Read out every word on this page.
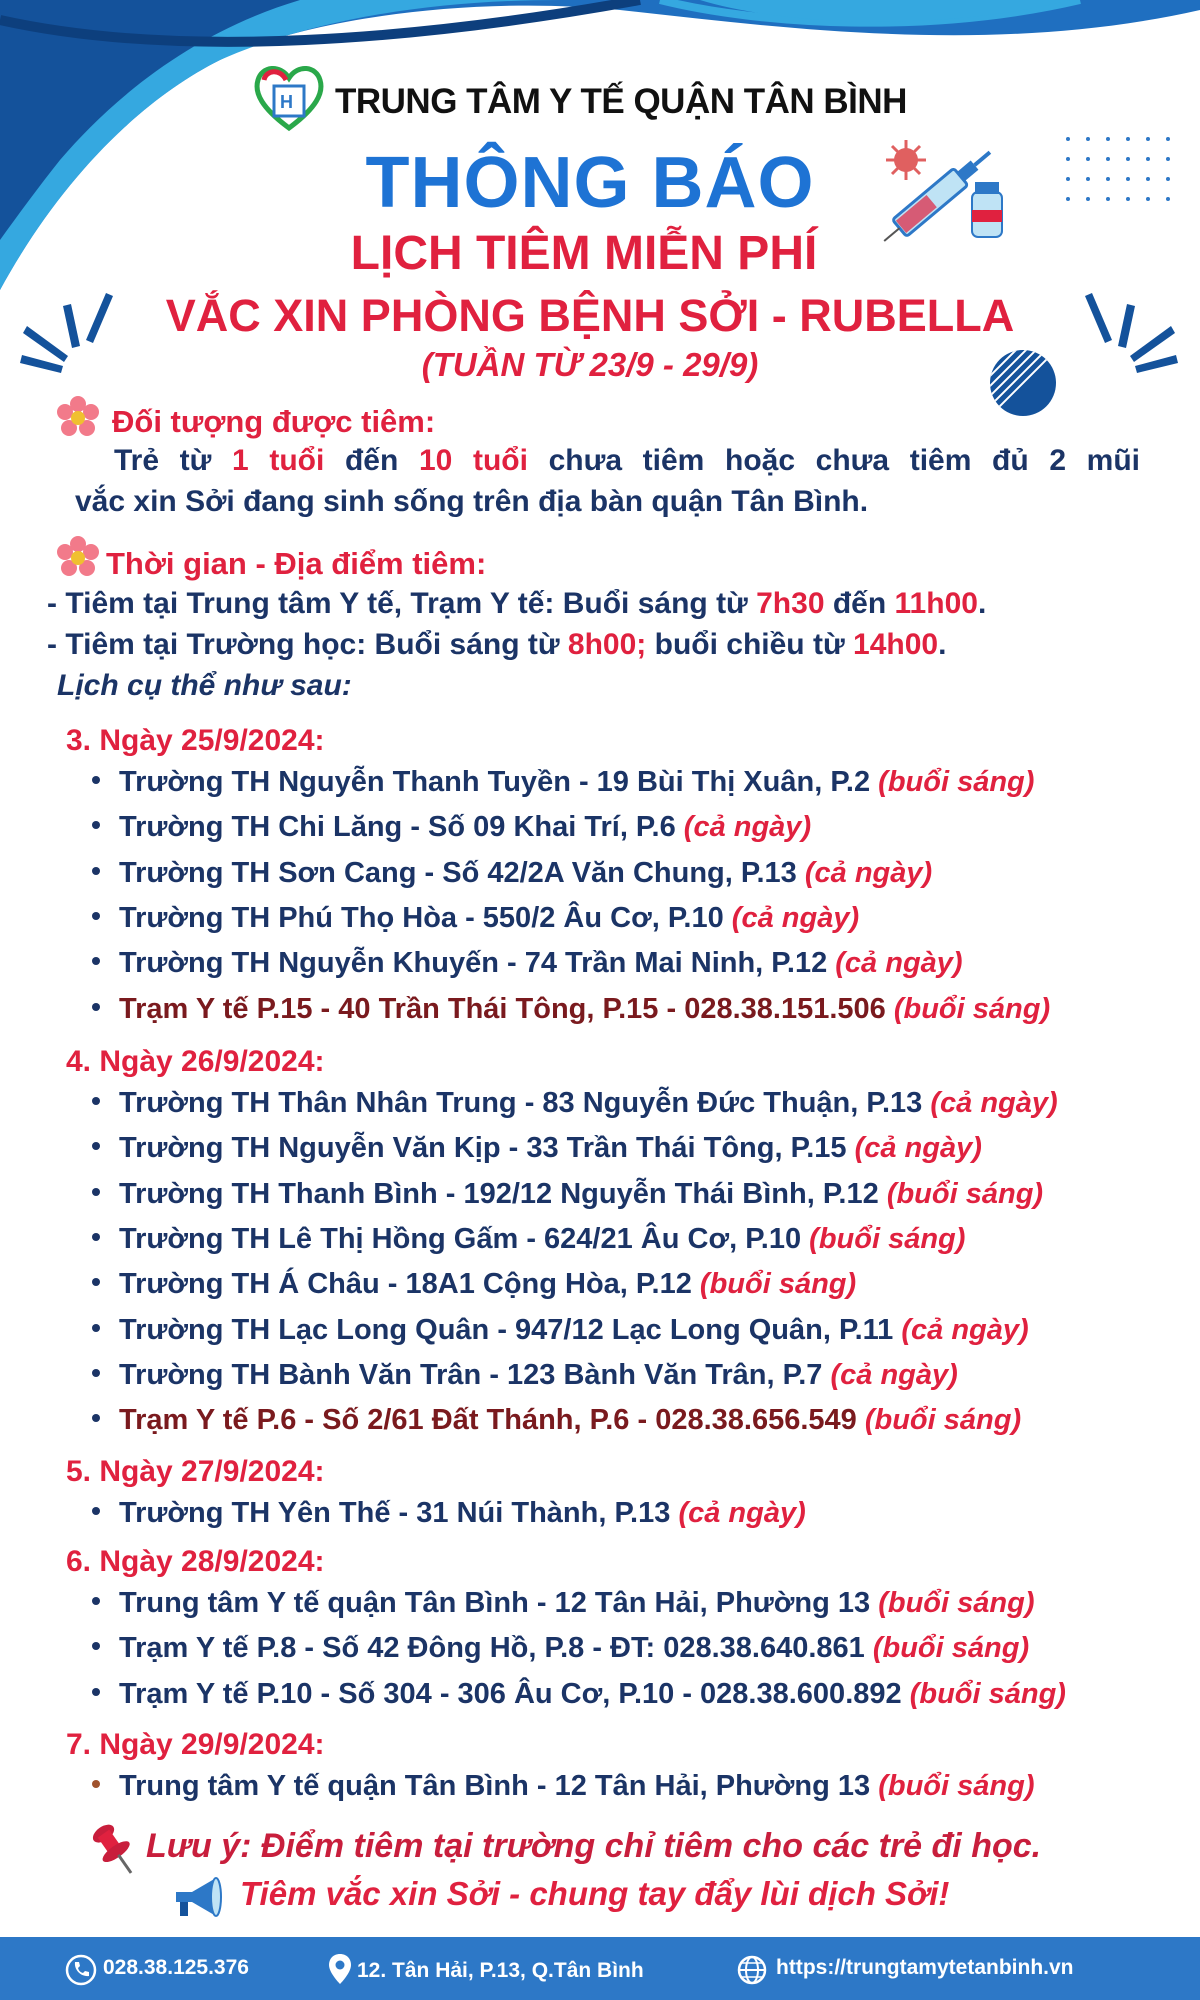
H TRUNG TÂM Y TẾ QUẬN TÂN BÌNH
THÔNG BÁO
LỊCH TIÊM MIỄN PHÍ
VẮC XIN PHÒNG BỆNH SỞI - RUBELLA
(TUẦN TỪ 23/9 - 29/9)
Đối tượng được tiêm:
Trẻ từ 1 tuổi đến 10 tuổi chưa tiêm hoặc chưa tiêm đủ 2 mũi
vắc xin Sởi đang sinh sống trên địa bàn quận Tân Bình.
Thời gian - Địa điểm tiêm:
- Tiêm tại Trung tâm Y tế, Trạm Y tế: Buổi sáng từ 7h30 đến 11h00.
- Tiêm tại Trường học: Buổi sáng từ 8h00; buổi chiều từ 14h00.
Lịch cụ thể như sau:
3. Ngày 25/9/2024:
Trường TH Nguyễn Thanh Tuyền - 19 Bùi Thị Xuân, P.2 (buổi sáng)
Trường TH Chi Lăng - Số 09 Khai Trí, P.6 (cả ngày)
Trường TH Sơn Cang - Số 42/2A Văn Chung, P.13 (cả ngày)
Trường TH Phú Thọ Hòa - 550/2 Âu Cơ, P.10 (cả ngày)
Trường TH Nguyễn Khuyến - 74 Trần Mai Ninh, P.12 (cả ngày)
Trạm Y tế P.15 - 40 Trần Thái Tông, P.15 - 028.38.151.506 (buổi sáng)
4. Ngày 26/9/2024:
Trường TH Thân Nhân Trung - 83 Nguyễn Đức Thuận, P.13 (cả ngày)
Trường TH Nguyễn Văn Kịp - 33 Trần Thái Tông, P.15 (cả ngày)
Trường TH Thanh Bình - 192/12 Nguyễn Thái Bình, P.12 (buổi sáng)
Trường TH Lê Thị Hồng Gấm - 624/21 Âu Cơ, P.10 (buổi sáng)
Trường TH Á Châu - 18A1 Cộng Hòa, P.12 (buổi sáng)
Trường TH Lạc Long Quân - 947/12 Lạc Long Quân, P.11 (cả ngày)
Trường TH Bành Văn Trân - 123 Bành Văn Trân, P.7 (cả ngày)
Trạm Y tế P.6 - Số 2/61 Đất Thánh, P.6 - 028.38.656.549 (buổi sáng)
5. Ngày 27/9/2024:
Trường TH Yên Thế - 31 Núi Thành, P.13 (cả ngày)
6. Ngày 28/9/2024:
Trung tâm Y tế quận Tân Bình - 12 Tân Hải, Phường 13 (buổi sáng)
Trạm Y tế P.8 - Số 42 Đông Hồ, P.8 - ĐT: 028.38.640.861 (buổi sáng)
Trạm Y tế P.10 - Số 304 - 306 Âu Cơ, P.10 - 028.38.600.892 (buổi sáng)
7. Ngày 29/9/2024:
Trung tâm Y tế quận Tân Bình - 12 Tân Hải, Phường 13 (buổi sáng)
Lưu ý: Điểm tiêm tại trường chỉ tiêm cho các trẻ đi học.
Tiêm vắc xin Sởi - chung tay đẩy lùi dịch Sởi!
028.38.125.376	12. Tân Hải, P.13, Q.Tân Bình	https://trungtamytetanbinh.vn
